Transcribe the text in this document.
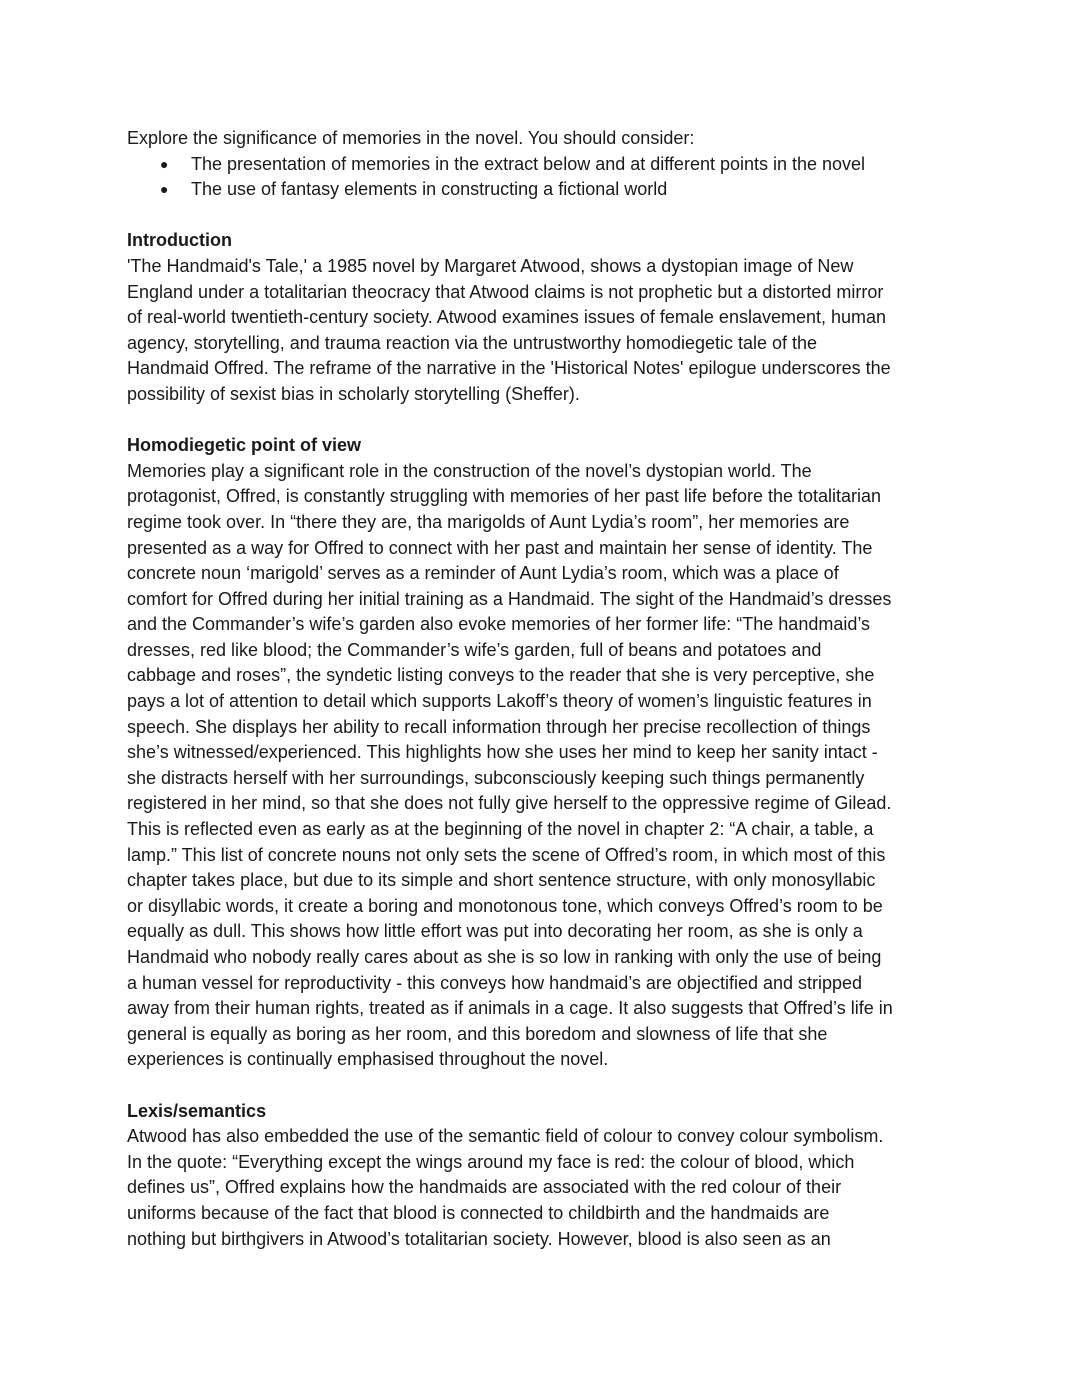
Explore the significance of memories in the novel. You should consider:
● The presentation of memories in the extract below and at different points in the novel
● The use of fantasy elements in constructing a fictional world
Introduction
'The Handmaid's Tale,' a 1985 novel by Margaret Atwood, shows a dystopian image of New
England under a totalitarian theocracy that Atwood claims is not prophetic but a distorted mirror
of real-world twentieth-century society. Atwood examines issues of female enslavement, human
agency, storytelling, and trauma reaction via the untrustworthy homodiegetic tale of the
Handmaid Offred. The reframe of the narrative in the 'Historical Notes' epilogue underscores the
possibility of sexist bias in scholarly storytelling (Sheffer).
Homodiegetic point of view
Memories play a significant role in the construction of the novel’s dystopian world. The
protagonist, Offred, is constantly struggling with memories of her past life before the totalitarian
regime took over. In “there they are, tha marigolds of Aunt Lydia’s room”, her memories are
presented as a way for Offred to connect with her past and maintain her sense of identity. The
concrete noun ‘marigold’ serves as a reminder of Aunt Lydia’s room, which was a place of
comfort for Offred during her initial training as a Handmaid. The sight of the Handmaid’s dresses
and the Commander’s wife’s garden also evoke memories of her former life: “The handmaid’s
dresses, red like blood; the Commander’s wife’s garden, full of beans and potatoes and
cabbage and roses”, the syndetic listing conveys to the reader that she is very perceptive, she
pays a lot of attention to detail which supports Lakoff’s theory of women’s linguistic features in
speech. She displays her ability to recall information through her precise recollection of things
she’s witnessed/experienced. This highlights how she uses her mind to keep her sanity intact -
she distracts herself with her surroundings, subconsciously keeping such things permanently
registered in her mind, so that she does not fully give herself to the oppressive regime of Gilead.
This is reflected even as early as at the beginning of the novel in chapter 2: “A chair, a table, a
lamp.” This list of concrete nouns not only sets the scene of Offred’s room, in which most of this
chapter takes place, but due to its simple and short sentence structure, with only monosyllabic
or disyllabic words, it create a boring and monotonous tone, which conveys Offred’s room to be
equally as dull. This shows how little effort was put into decorating her room, as she is only a
Handmaid who nobody really cares about as she is so low in ranking with only the use of being
a human vessel for reproductivity - this conveys how handmaid’s are objectified and stripped
away from their human rights, treated as if animals in a cage. It also suggests that Offred’s life in
general is equally as boring as her room, and this boredom and slowness of life that she
experiences is continually emphasised throughout the novel.
Lexis/semantics
Atwood has also embedded the use of the semantic field of colour to convey colour symbolism.
In the quote: “Everything except the wings around my face is red: the colour of blood, which
defines us”, Offred explains how the handmaids are associated with the red colour of their
uniforms because of the fact that blood is connected to childbirth and the handmaids are
nothing but birthgivers in Atwood’s totalitarian society. However, blood is also seen as an
